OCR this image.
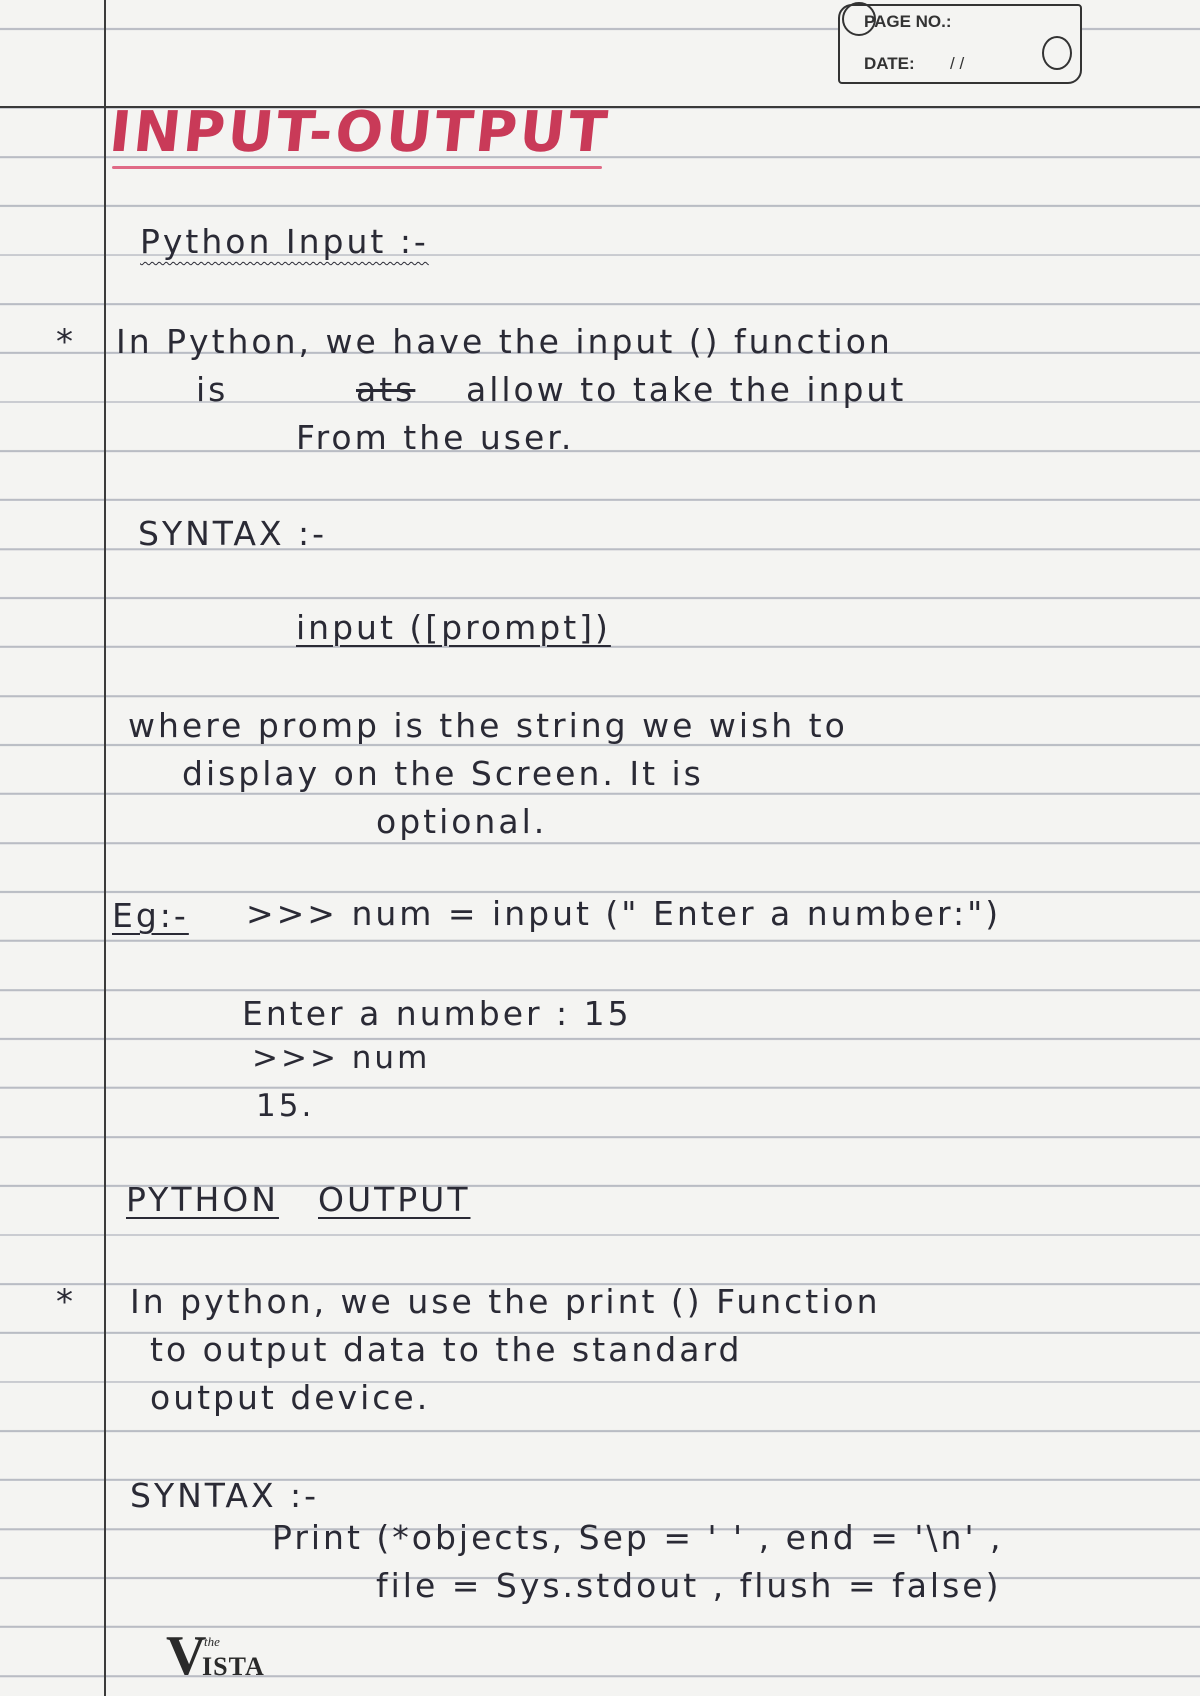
PAGE NO.:
DATE: / /
INPUT-OUTPUT
Python Input :-
* In Python, we have the input () function
is	ats allow to take the input
From the user.
SYNTAX :-
input ([prompt])
where promp is the string we wish to
display on the Screen. It is
optional.
Eg:- >>> num = input (" Enter a number:")
Enter a number : 15
>>> num
15.
PYTHON OUTPUT
* In python, we use the print () Function
to output data to the standard
output device.
SYNTAX :-
Print (*objects, Sep = ' ' , end = '\n' ,
file = Sys.stdout , flush = false)
V
the
ISTA
